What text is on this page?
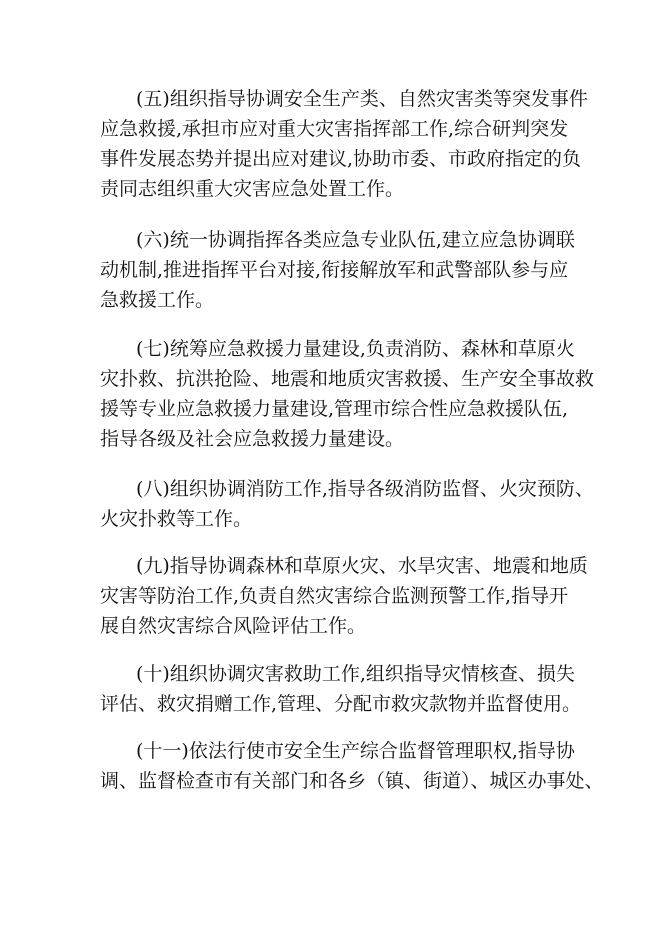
(五)组织指导协调安全生产类、自然灾害类等突发事件
应急救援,承担市应对重大灾害指挥部工作,综合研判突发
事件发展态势并提出应对建议,协助市委、市政府指定的负
责同志组织重大灾害应急处置工作。
(六)统一协调指挥各类应急专业队伍,建立应急协调联
动机制,推进指挥平台对接,衔接解放军和武警部队参与应
急救援工作。
(七)统筹应急救援力量建设,负责消防、森林和草原火
灾扑救、抗洪抢险、地震和地质灾害救援、生产安全事故救
援等专业应急救援力量建设,管理市综合性应急救援队伍,
指导各级及社会应急救援力量建设。
(八)组织协调消防工作,指导各级消防监督、火灾预防、
火灾扑救等工作。
(九)指导协调森林和草原火灾、水旱灾害、地震和地质
灾害等防治工作,负责自然灾害综合监测预警工作,指导开
展自然灾害综合风险评估工作。
(十)组织协调灾害救助工作,组织指导灾情核查、损失
评估、救灾捐赠工作,管理、分配市救灾款物并监督使用。
(十一)依法行使市安全生产综合监督管理职权,指导协
调、监督检查市有关部门和各乡（镇、街道）、城区办事处、
